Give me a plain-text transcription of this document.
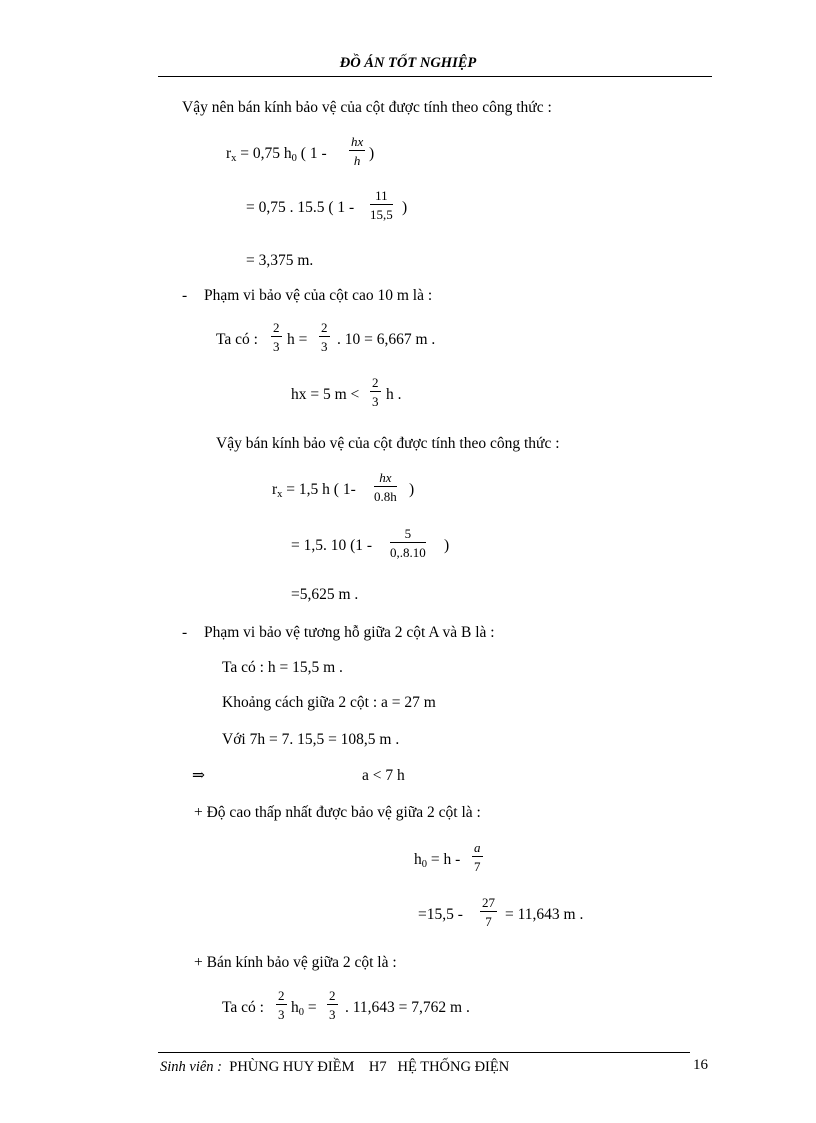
ĐỒ ÁN TỐT NGHIỆP
Vậy nên bán kính bảo vệ của cột được tính theo công thức :
$r_x = 0,75$ $h_0$ ( 1 -
hx
h )
= 0,75 . 15.5 ( 1 -
11
15,5 )
= 3,375 m.
- Phạm vi bảo vệ của cột cao 10 m là :
Ta có :
2
3 h =
2
3 . 10 = 6,667 m .
hx = 5 m <
2
3 h .
Vậy bán kính bảo vệ của cột được tính theo công thức :
$r_x = 1,5$ h ( 1-
hx
0.8h )
= 1,5. 10 (1 -
5
0,.8.10 )
=5,625 m .
- Phạm vi bảo vệ tương hỗ giữa 2 cột A và B là :
Ta có : h = 15,5 m .
Khoảng cách giữa 2 cột : a = 27 m
Với 7h = 7. 15,5 = 108,5 m .
⇒	a < 7 h
+ Độ cao thấp nhất được bảo vệ giữa 2 cột là :
$h_0 = h$ -
a
7
=15,5 -
27
7 = 11,643 m .
+ Bán kính bảo vệ giữa 2 cột là :
Ta có :
2
3 $h_0$ =
2
3 . 11,643 = 7,762 m .
Sinh viên : PHÙNG HUY ĐIỀM H7 HỆ THỐNG ĐIỆN	16
